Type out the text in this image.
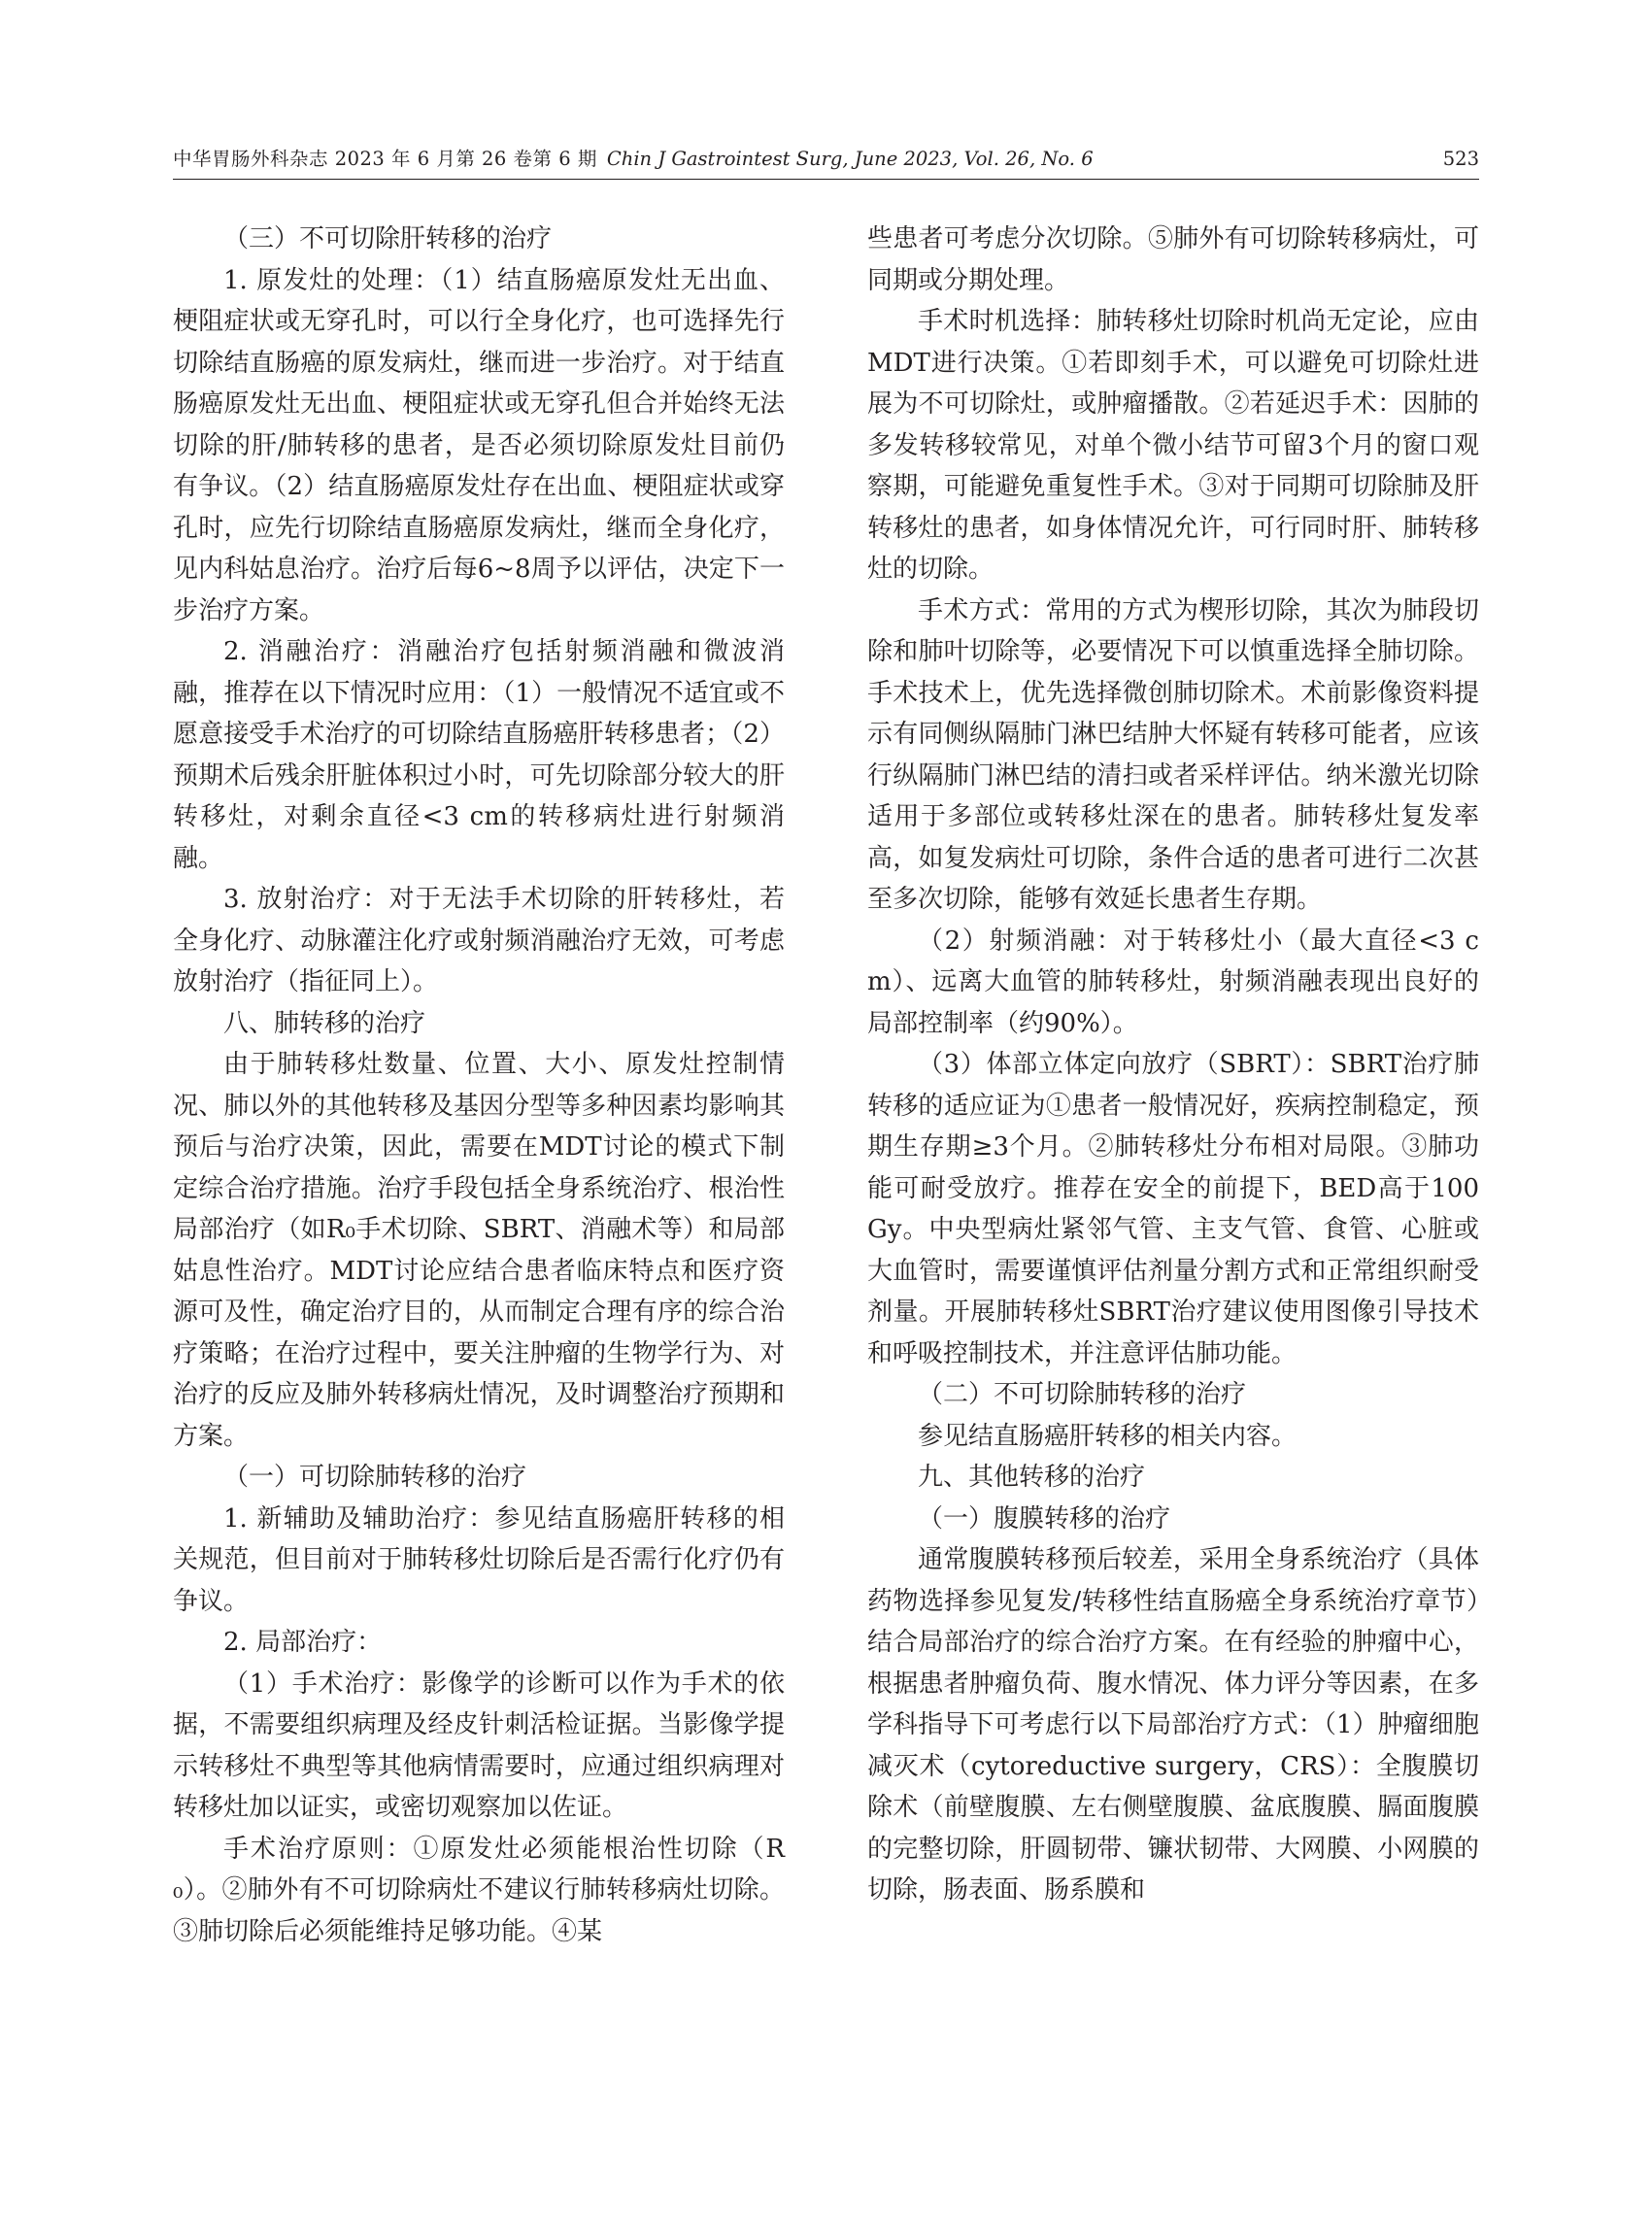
中华胃肠外科杂志 2023 年 6 月第 26 卷第 6 期 Chin J Gastrointest Surg, June 2023, Vol. 26, No. 6	523

（三）不可切除肝转移的治疗

1. 原发灶的处理：（1）结直肠癌原发灶无出血、梗阻症状或无穿孔时，可以行全身化疗，也可选择先行切除结直肠癌的原发病灶，继而进一步治疗。对于结直肠癌原发灶无出血、梗阻症状或无穿孔但合并始终无法切除的肝/肺转移的患者，是否必须切除原发灶目前仍有争议。（2）结直肠癌原发灶存在出血、梗阻症状或穿孔时，应先行切除结直肠癌原发病灶，继而全身化疗，见内科姑息治疗。治疗后每6~8周予以评估，决定下一步治疗方案。

2. 消融治疗：消融治疗包括射频消融和微波消融，推荐在以下情况时应用：（1）一般情况不适宜或不愿意接受手术治疗的可切除结直肠癌肝转移患者；（2）预期术后残余肝脏体积过小时，可先切除部分较大的肝转移灶，对剩余直径<3 cm的转移病灶进行射频消融。

3. 放射治疗：对于无法手术切除的肝转移灶，若全身化疗、动脉灌注化疗或射频消融治疗无效，可考虑放射治疗（指征同上）。

八、肺转移的治疗

由于肺转移灶数量、位置、大小、原发灶控制情况、肺以外的其他转移及基因分型等多种因素均影响其预后与治疗决策，因此，需要在MDT讨论的模式下制定综合治疗措施。治疗手段包括全身系统治疗、根治性局部治疗（如R₀手术切除、SBRT、消融术等）和局部姑息性治疗。MDT讨论应结合患者临床特点和医疗资源可及性，确定治疗目的，从而制定合理有序的综合治疗策略；在治疗过程中，要关注肿瘤的生物学行为、对治疗的反应及肺外转移病灶情况，及时调整治疗预期和方案。

（一）可切除肺转移的治疗

1. 新辅助及辅助治疗：参见结直肠癌肝转移的相关规范，但目前对于肺转移灶切除后是否需行化疗仍有争议。

2. 局部治疗：

（1）手术治疗：影像学的诊断可以作为手术的依据，不需要组织病理及经皮针刺活检证据。当影像学提示转移灶不典型等其他病情需要时，应通过组织病理对转移灶加以证实，或密切观察加以佐证。

手术治疗原则：①原发灶必须能根治性切除（R₀）。②肺外有不可切除病灶不建议行肺转移病灶切除。③肺切除后必须能维持足够功能。④某

些患者可考虑分次切除。⑤肺外有可切除转移病灶，可同期或分期处理。

手术时机选择：肺转移灶切除时机尚无定论，应由MDT进行决策。①若即刻手术，可以避免可切除灶进展为不可切除灶，或肿瘤播散。②若延迟手术：因肺的多发转移较常见，对单个微小结节可留3个月的窗口观察期，可能避免重复性手术。③对于同期可切除肺及肝转移灶的患者，如身体情况允许，可行同时肝、肺转移灶的切除。

手术方式：常用的方式为楔形切除，其次为肺段切除和肺叶切除等，必要情况下可以慎重选择全肺切除。手术技术上，优先选择微创肺切除术。术前影像资料提示有同侧纵隔肺门淋巴结肿大怀疑有转移可能者，应该行纵隔肺门淋巴结的清扫或者采样评估。纳米激光切除适用于多部位或转移灶深在的患者。肺转移灶复发率高，如复发病灶可切除，条件合适的患者可进行二次甚至多次切除，能够有效延长患者生存期。

（2）射频消融：对于转移灶小（最大直径<3 cm）、远离大血管的肺转移灶，射频消融表现出良好的局部控制率（约90%）。

（3）体部立体定向放疗（SBRT）：SBRT治疗肺转移的适应证为①患者一般情况好，疾病控制稳定，预期生存期≥3个月。②肺转移灶分布相对局限。③肺功能可耐受放疗。推荐在安全的前提下，BED高于100 Gy。中央型病灶紧邻气管、主支气管、食管、心脏或大血管时，需要谨慎评估剂量分割方式和正常组织耐受剂量。开展肺转移灶SBRT治疗建议使用图像引导技术和呼吸控制技术，并注意评估肺功能。

（二）不可切除肺转移的治疗

参见结直肠癌肝转移的相关内容。

九、其他转移的治疗

（一）腹膜转移的治疗

通常腹膜转移预后较差，采用全身系统治疗（具体药物选择参见复发/转移性结直肠癌全身系统治疗章节）结合局部治疗的综合治疗方案。在有经验的肿瘤中心，根据患者肿瘤负荷、腹水情况、体力评分等因素，在多学科指导下可考虑行以下局部治疗方式：（1）肿瘤细胞减灭术（cytoreductive surgery，CRS）：全腹膜切除术（前壁腹膜、左右侧壁腹膜、盆底腹膜、膈面腹膜的完整切除，肝圆韧带、镰状韧带、大网膜、小网膜的切除，肠表面、肠系膜和
